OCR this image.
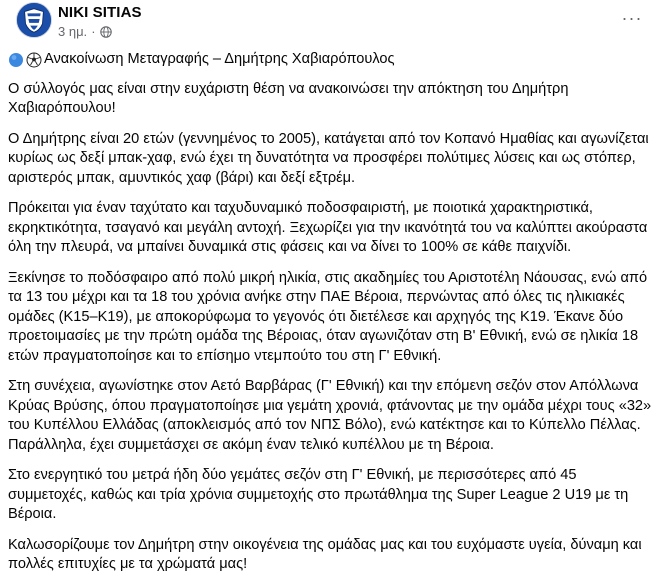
NIKI SITIAS
3 ημ. ·
···
Ανακοίνωση Μεταγραφής – Δημήτρης Χαβιαρόπουλος

Ο σύλλογός μας είναι στην ευχάριστη θέση να ανακοινώσει την απόκτηση του Δημήτρη Χαβιαρόπουλου!

Ο Δημήτρης είναι 20 ετών (γεννημένος το 2005), κατάγεται από τον Κοπανό Ημαθίας και αγωνίζεται κυρίως ως δεξί μπακ-χαφ, ενώ έχει τη δυνατότητα να προσφέρει πολύτιμες λύσεις και ως στόπερ, αριστερός μπακ, αμυντικός χαφ (βάρι) και δεξί εξτρέμ.

Πρόκειται για έναν ταχύτατο και ταχυδυναμικό ποδοσφαιριστή, με ποιοτικά χαρακτηριστικά, εκρηκτικότητα, τσαγανό και μεγάλη αντοχή. Ξεχωρίζει για την ικανότητά του να καλύπτει ακούραστα όλη την πλευρά, να μπαίνει δυναμικά στις φάσεις και να δίνει το 100% σε κάθε παιχνίδι.

Ξεκίνησε το ποδόσφαιρο από πολύ μικρή ηλικία, στις ακαδημίες του Αριστοτέλη Νάουσας, ενώ από τα 13 του μέχρι και τα 18 του χρόνια ανήκε στην ΠΑΕ Βέροια, περνώντας από όλες τις ηλικιακές ομάδες (Κ15–Κ19), με αποκορύφωμα το γεγονός ότι διετέλεσε και αρχηγός της Κ19. Έκανε δύο προετοιμασίες με την πρώτη ομάδα της Βέροιας, όταν αγωνιζόταν στη Β' Εθνική, ενώ σε ηλικία 18 ετών πραγματοποίησε και το επίσημο ντεμπούτο του στη Γ' Εθνική.

Στη συνέχεια, αγωνίστηκε στον Αετό Βαρβάρας (Γ' Εθνική) και την επόμενη σεζόν στον Απόλλωνα Κρύας Βρύσης, όπου πραγματοποίησε μια γεμάτη χρονιά, φτάνοντας με την ομάδα μέχρι τους «32» του Κυπέλλου Ελλάδας (αποκλεισμός από τον ΝΠΣ Βόλο), ενώ κατέκτησε και το Κύπελλο Πέλλας. Παράλληλα, έχει συμμετάσχει σε ακόμη έναν τελικό κυπέλλου με τη Βέροια.

Στο ενεργητικό του μετρά ήδη δύο γεμάτες σεζόν στη Γ' Εθνική, με περισσότερες από 45 συμμετοχές, καθώς και τρία χρόνια συμμετοχής στο πρωτάθλημα της Super League 2 U19 με τη Βέροια.

Καλωσορίζουμε τον Δημήτρη στην οικογένεια της ομάδας μας και του ευχόμαστε υγεία, δύναμη και πολλές επιτυχίες με τα χρώματά μας!
